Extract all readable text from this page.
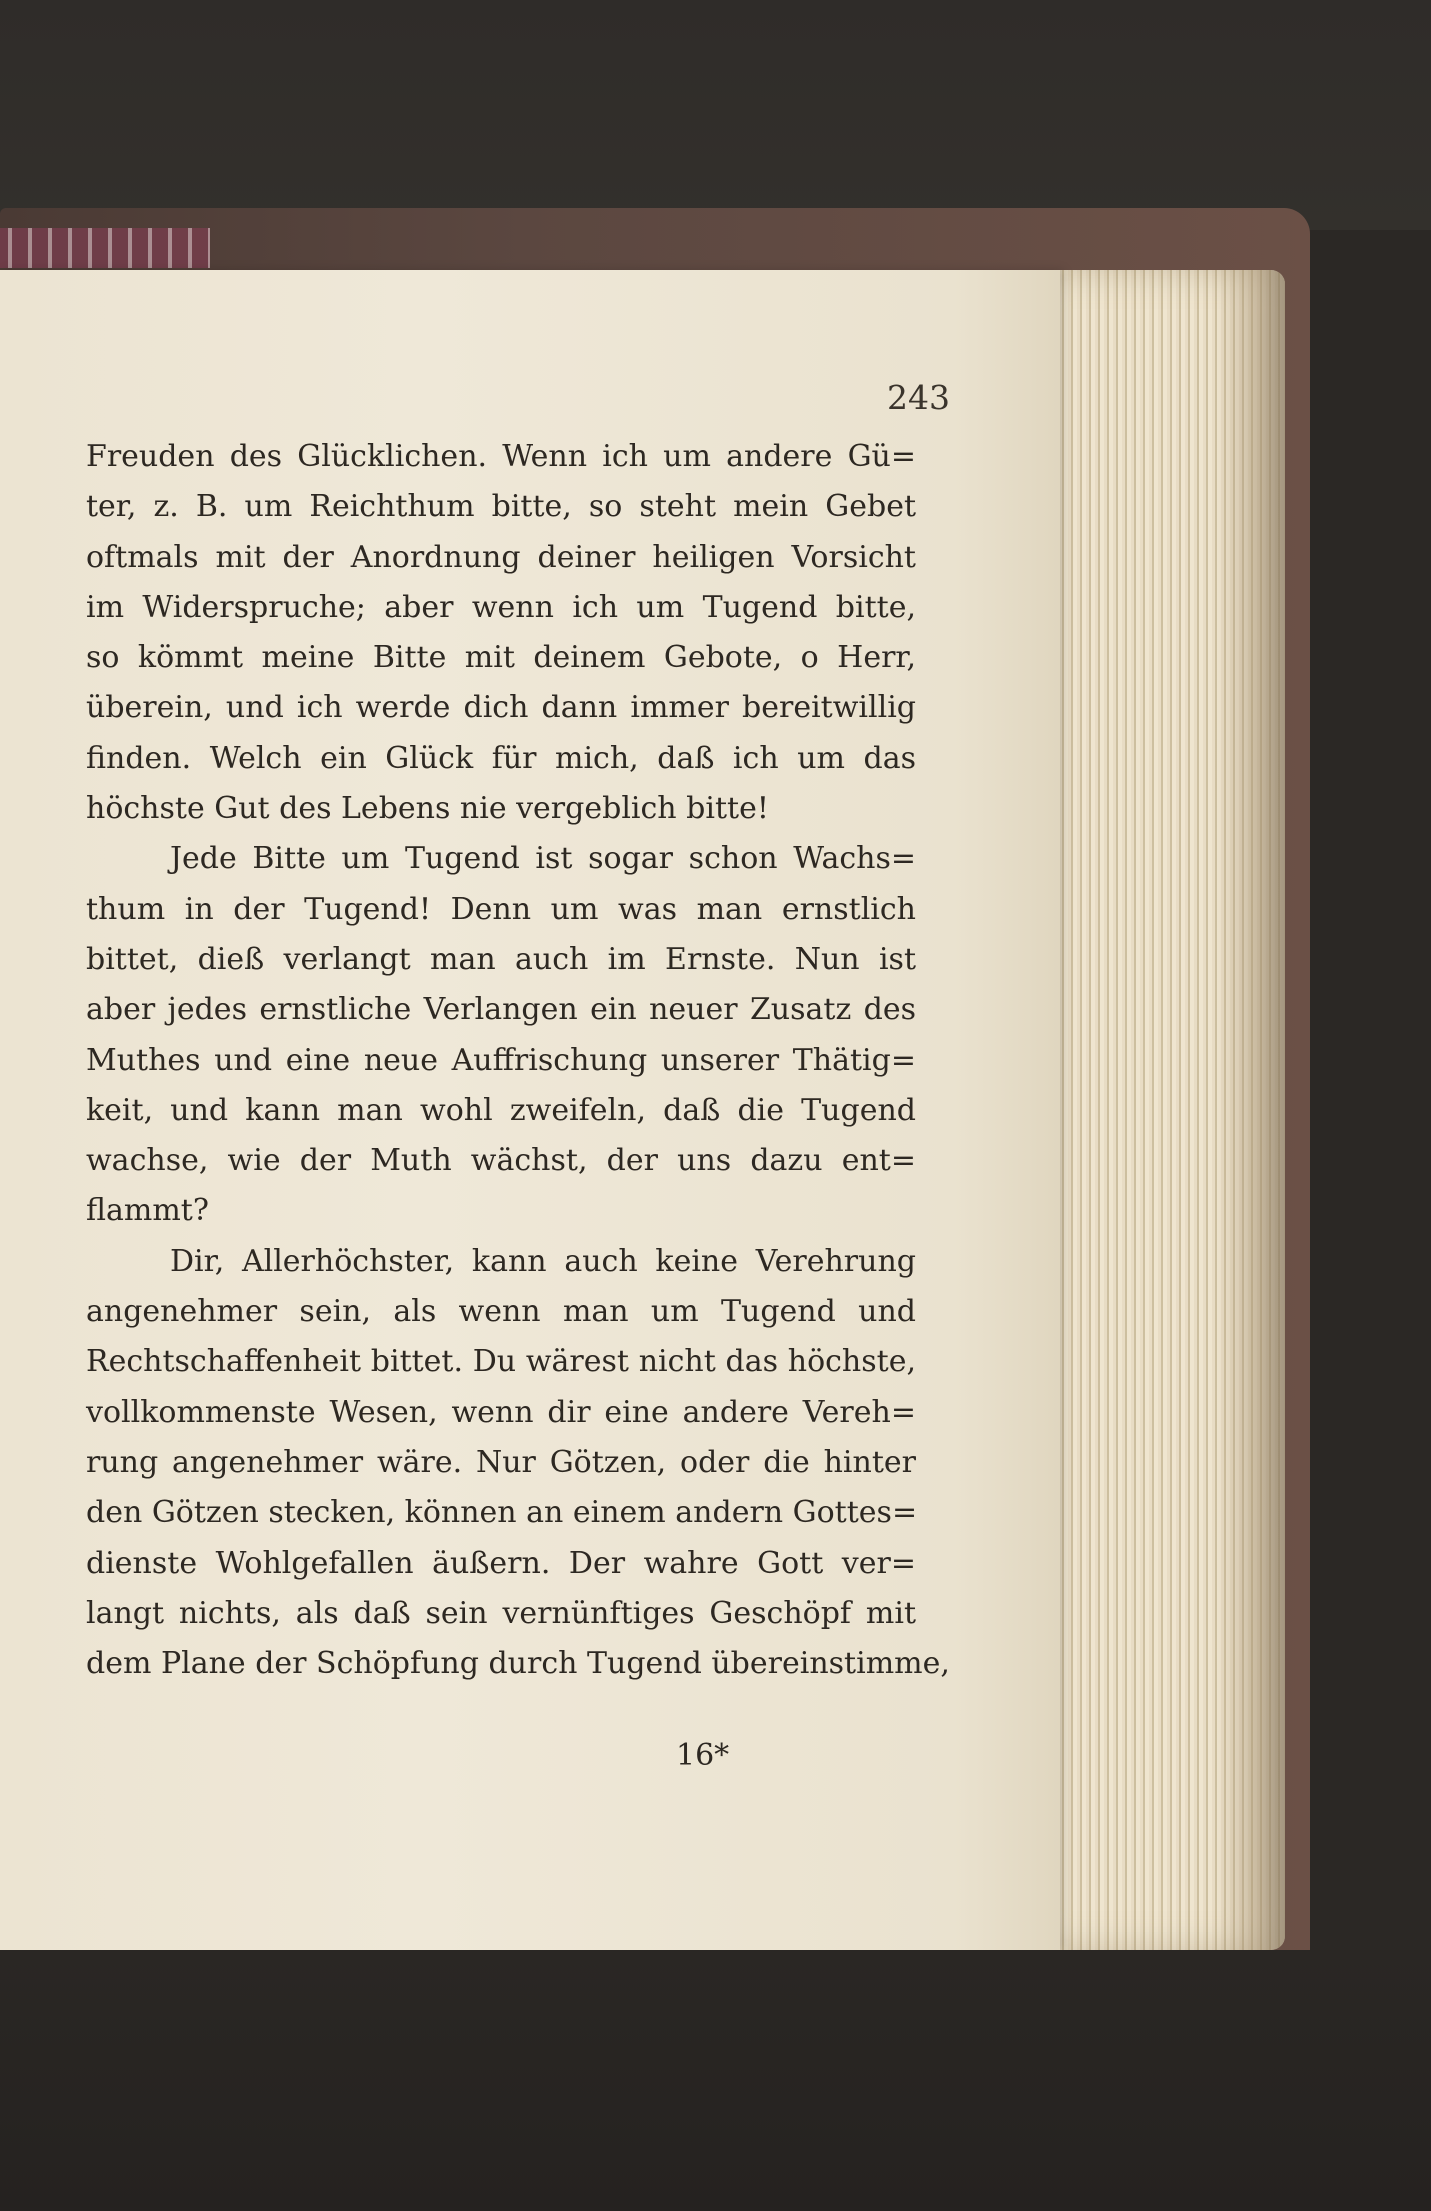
243
Freuden des Glücklichen. Wenn ich um andere Gü=
ter, z. B. um Reichthum bitte, so steht mein Gebet
oftmals mit der Anordnung deiner heiligen Vorsicht
im Widerspruche; aber wenn ich um Tugend bitte,
so kömmt meine Bitte mit deinem Gebote, o Herr,
überein, und ich werde dich dann immer bereitwillig
finden. Welch ein Glück für mich, daß ich um das
höchste Gut des Lebens nie vergeblich bitte!
Jede Bitte um Tugend ist sogar schon Wachs=
thum in der Tugend! Denn um was man ernstlich
bittet, dieß verlangt man auch im Ernste. Nun ist
aber jedes ernstliche Verlangen ein neuer Zusatz des
Muthes und eine neue Auffrischung unserer Thätig=
keit, und kann man wohl zweifeln, daß die Tugend
wachse, wie der Muth wächst, der uns dazu ent=
flammt?
Dir, Allerhöchster, kann auch keine Verehrung
angenehmer sein, als wenn man um Tugend und
Rechtschaffenheit bittet. Du wärest nicht das höchste,
vollkommenste Wesen, wenn dir eine andere Vereh=
rung angenehmer wäre. Nur Götzen, oder die hinter
den Götzen stecken, können an einem andern Gottes=
dienste Wohlgefallen äußern. Der wahre Gott ver=
langt nichts, als daß sein vernünftiges Geschöpf mit
dem Plane der Schöpfung durch Tugend übereinstimme,
16*
